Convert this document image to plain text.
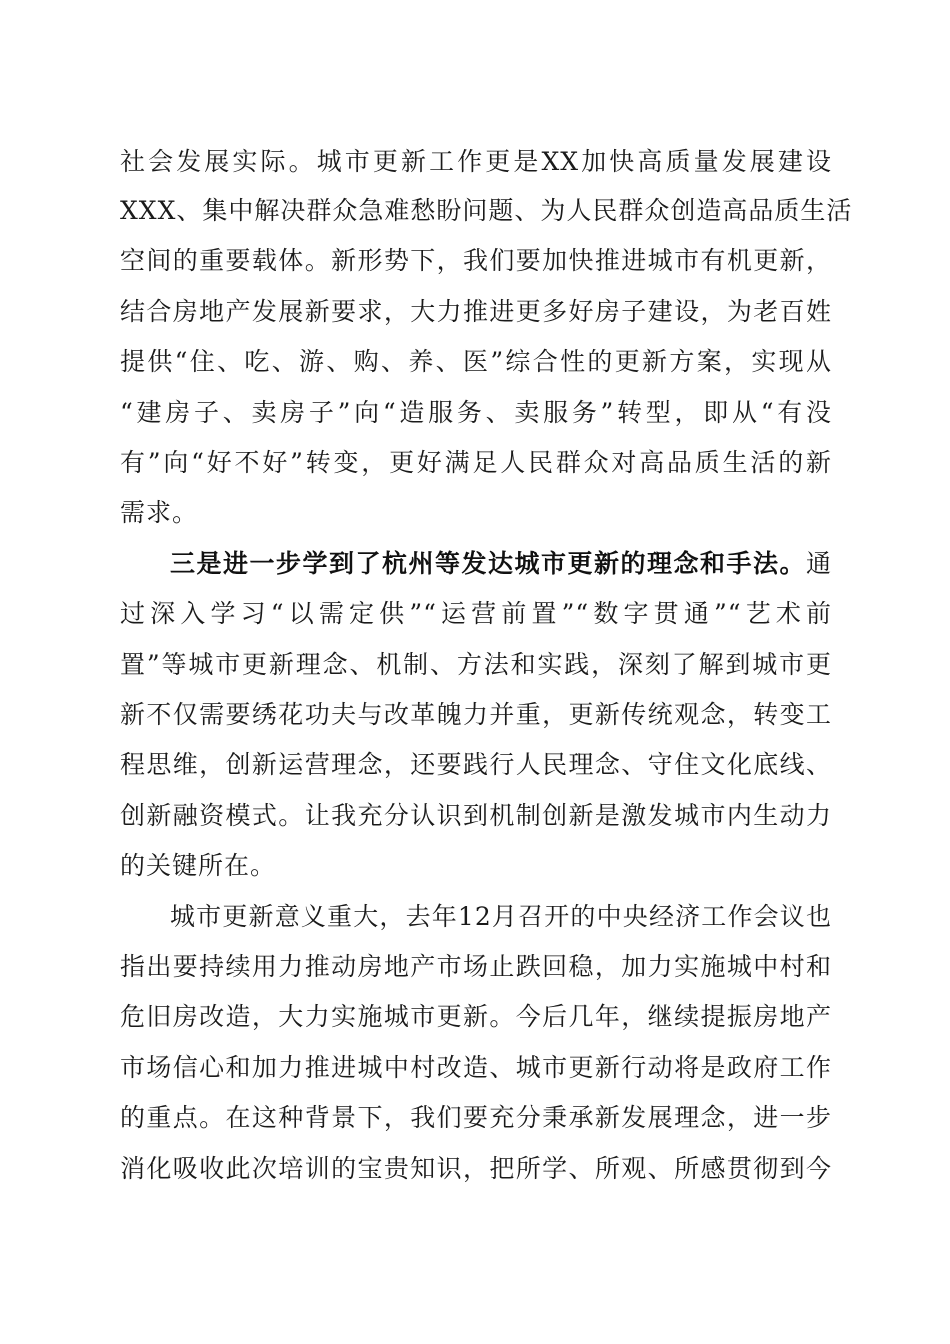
社会发展实际。城市更新工作更是XX加快高质量发展建设
XXX、集中解决群众急难愁盼问题、为人民群众创造高品质生活
空间的重要载体。新形势下，我们要加快推进城市有机更新，
结合房地产发展新要求，大力推进更多好房子建设，为老百姓
提供“住、吃、游、购、养、医”综合性的更新方案，实现从
“建房子、卖房子”向“造服务、卖服务”转型，即从“有没
有”向“好不好”转变，更好满足人民群众对高品质生活的新
需求。
三是进一步学到了杭州等发达城市更新的理念和手法。通
过深入学习“以需定供”“运营前置”“数字贯通”“艺术前
置”等城市更新理念、机制、方法和实践，深刻了解到城市更
新不仅需要绣花功夫与改革魄力并重，更新传统观念，转变工
程思维，创新运营理念，还要践行人民理念、守住文化底线、
创新融资模式。让我充分认识到机制创新是激发城市内生动力
的关键所在。
城市更新意义重大，去年12月召开的中央经济工作会议也
指出要持续用力推动房地产市场止跌回稳，加力实施城中村和
危旧房改造，大力实施城市更新。今后几年，继续提振房地产
市场信心和加力推进城中村改造、城市更新行动将是政府工作
的重点。在这种背景下，我们要充分秉承新发展理念，进一步
消化吸收此次培训的宝贵知识，把所学、所观、所感贯彻到今
